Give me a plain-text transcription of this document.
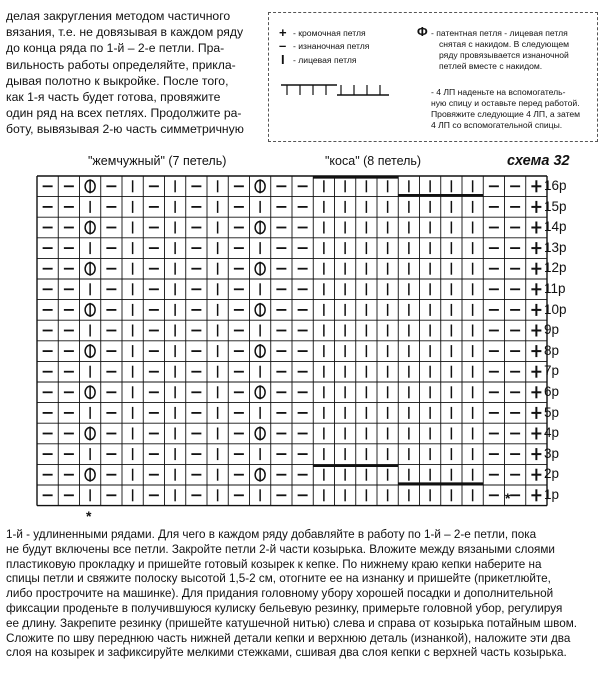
делая закругления методом частичного
вязания, т.е. не довязывая в каждом ряду
до конца ряда по 1-й – 2-е петли. Пра-
вильность работы определяйте, прикла-
дывая полотно к выкройке. После того,
как 1-я часть будет готова, провяжите
один ряд на всех петлях. Продолжите ра-
боту, вывязывая 2-ю часть симметричную
+ - кромочная петля
– - изнаночная петля
I - лицевая петля
Φ - патентная петля - лицевая петля
снятая с накидом. В следующем
ряду провязывается изнаночной
петлей вместе с накидом.
- 4 ЛП наденьте на вспомогатель-
ную спицу и оставьте перед работой.
Провяжите следующие 4 ЛП, а затем
4 ЛП со вспомогательной спицы.
"жемчужный" (7 петель)	"коса" (8 петель)	схема 32
16р
15р
14р
13р
12р
11р
10р
9р
8р
7р
6р
5р
4р
3р
2р
1р
*
*
1-й - удлиненными рядами. Для чего в каждом ряду добавляйте в работу по 1-й – 2-е петли, пока
не будут включены все петли. Закройте петли 2-й части козырька. Вложите между вязаными слоями
пластиковую прокладку и пришейте готовый козырек к кепке. По нижнему краю кепки наберите на
спицы петли и свяжите полоску высотой 1,5-2 см, отогните ее на изнанку и пришейте (прикетлюйте,
либо прострочите на машинке). Для придания головному убору хорошей посадки и дополнительной
фиксации проденьте в получившуюся кулиску бельевую резинку, примерьте головной убор, регулируя
ее длину. Закрепите резинку (пришейте катушечной нитью) слева и справа от козырька потайным швом.
Сложите по шву переднюю часть нижней детали кепки и верхнюю деталь (изнанкой), наложите эти два
слоя на козырек и зафиксируйте мелкими стежками, сшивая два слоя кепки с верхней часть козырька.
